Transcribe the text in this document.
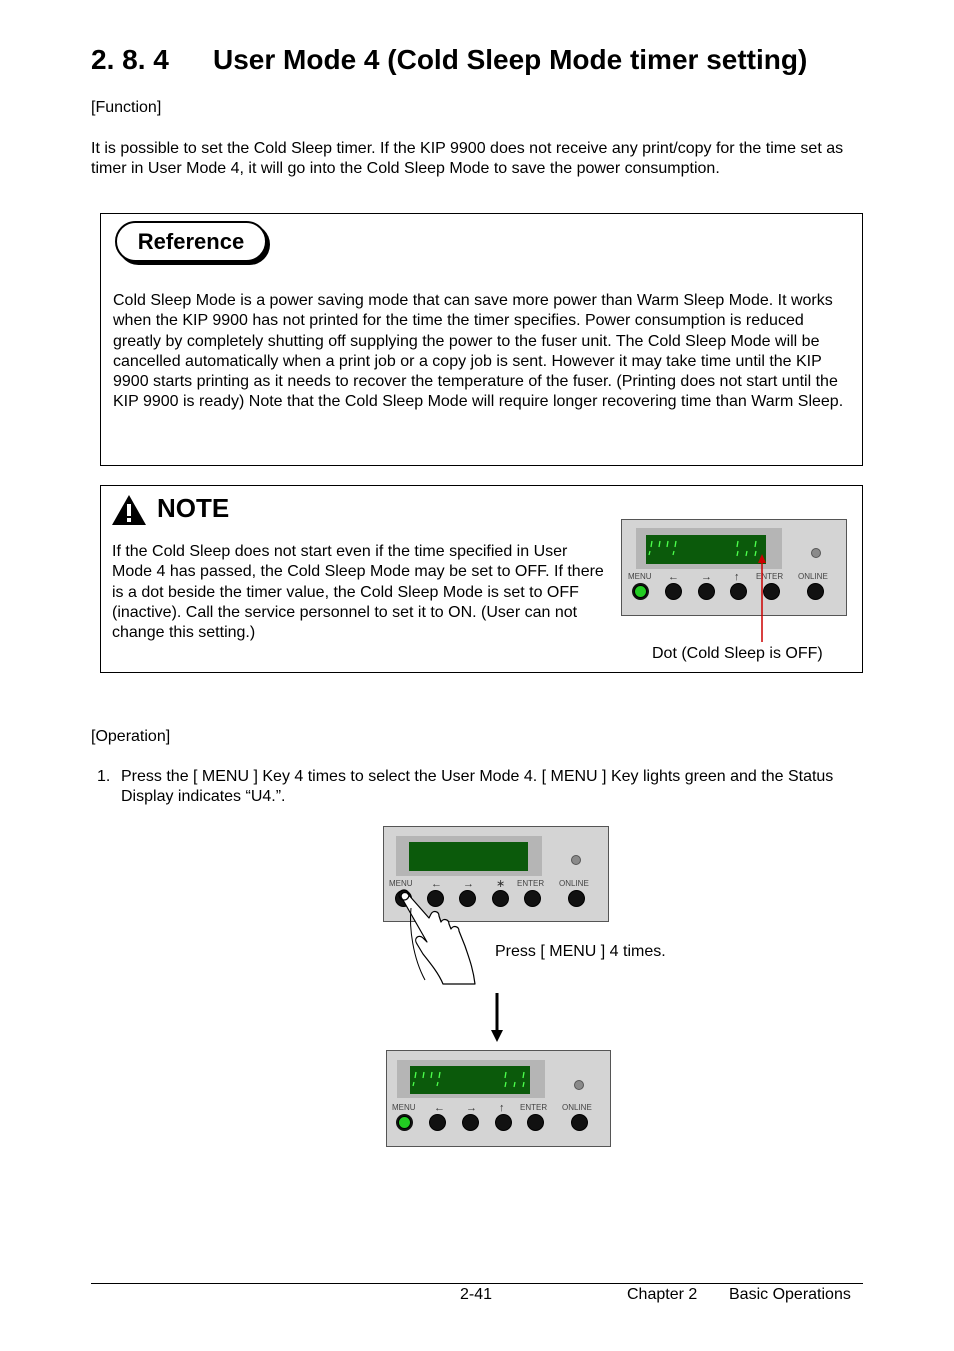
2. 8. 4 User Mode 4 (Cold Sleep Mode timer setting)
[Function]
It is possible to set the Cold Sleep timer. If the KIP 9900 does not receive any print/copy for the time set as timer in User Mode 4, it will go into the Cold Sleep Mode to save the power consumption.
Reference
Cold Sleep Mode is a power saving mode that can save more power than Warm Sleep Mode. It works when the KIP 9900 has not printed for the time the timer specifies. Power consumption is reduced greatly by completely shutting off supplying the power to the fuser unit. The Cold Sleep Mode will be cancelled automatically when a print job or a copy job is sent. However it may take time until the KIP 9900 starts printing as it needs to recover the temperature of the fuser. (Printing does not start until the KIP 9900 is ready) Note that the Cold Sleep Mode will require longer recovering time than Warm Sleep.
NOTE
If the Cold Sleep does not start even if the time specified in User Mode 4 has passed, the Cold Sleep Mode may be set to OFF. If there is a dot beside the timer value, the Cold Sleep Mode is set to OFF (inactive). Call the service personnel to set it to ON. (User can not change this setting.)
MENU ← → ↑ ENTER ONLINE
Dot (Cold Sleep is OFF)
[Operation]
1. Press the [ MENU ] Key 4 times to select the User Mode 4. [ MENU ] Key lights green and the Status Display indicates “U4.”.
MENU ← → ∗ ENTER ONLINE
Press [ MENU ] 4 times.
MENU ← → ↑ ENTER ONLINE
2-41	Chapter 2 Basic Operations
